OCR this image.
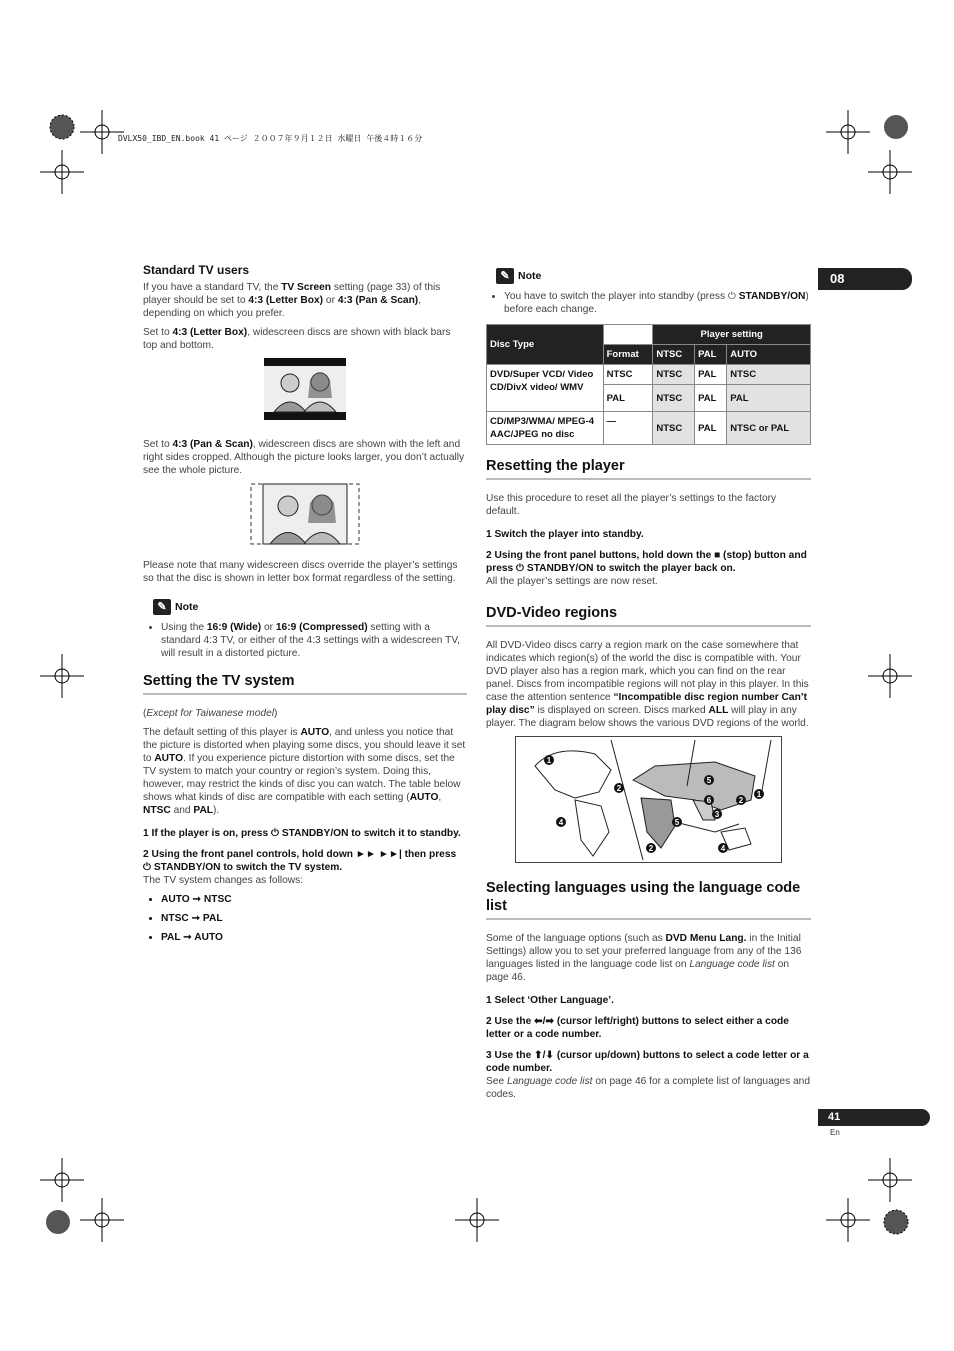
DVLX50_IBD_EN.book 41 ページ ２００７年９月１２日 水曜日 午後４時１６分
08
41
En
Standard TV users

If you have a standard TV, the TV Screen setting (page 33) of this player should be set to 4:3 (Letter Box) or 4:3 (Pan & Scan), depending on which you prefer.

Set to 4:3 (Letter Box), widescreen discs are shown with black bars top and bottom.

Set to 4:3 (Pan & Scan), widescreen discs are shown with the left and right sides cropped. Although the picture looks larger, you don’t actually see the whole picture.

Please note that many widescreen discs override the player’s settings so that the disc is shown in letter box format regardless of the setting.

✎ Note
• Using the 16:9 (Wide) or 16:9 (Compressed) setting with a standard 4:3 TV, or either of the 4:3 settings with a widescreen TV, will result in a distorted picture.
Setting the TV system

(Except for Taiwanese model)

The default setting of this player is AUTO, and unless you notice that the picture is distorted when playing some discs, you should leave it set to AUTO. If you experience picture distortion with some discs, set the TV system to match your country or region’s system. Doing this, however, may restrict the kinds of disc you can watch. The table below shows what kinds of disc are compatible with each setting (AUTO, NTSC and PAL).

1 If the player is on, press ⏻ STANDBY/ON to switch it to standby.

2 Using the front panel controls, hold down ►► ►►| then press ⏻ STANDBY/ON to switch the TV system.

The TV system changes as follows:

• AUTO ➞ NTSC
• NTSC ➞ PAL
• PAL ➞ AUTO
✎ Note
• You have to switch the player into standby (press ⏻ STANDBY/ON) before each change.
Disc Type		Player setting		
	Format	NTSC	PAL	AUTO
DVD/Super VCD/ Video CD/DivX video/ WMV	NTSC	NTSC	PAL	NTSC
	PAL	NTSC	PAL	PAL
CD/MP3/WMA/ MPEG-4 AAC/JPEG no disc	—	NTSC	PAL	NTSC or PAL
Resetting the player

Use this procedure to reset all the player’s settings to the factory default.

1 Switch the player into standby.

2 Using the front panel buttons, hold down the ■ (stop) button and press ⏻ STANDBY/ON to switch the player back on.

All the player’s settings are now reset.

DVD-Video regions

All DVD-Video discs carry a region mark on the case somewhere that indicates which region(s) of the world the disc is compatible with. Your DVD player also has a region mark, which you can find on the rear panel. Discs from incompatible regions will not play in this player. In this case the attention sentence “Incompatible disc region number Can’t play disc” is displayed on screen. Discs marked ALL will play in any player. The diagram below shows the various DVD regions of the world.

1
2
4	5
2
1
5
6
3
4
2
Selecting languages using the language code list

Some of the language options (such as DVD Menu Lang. in the Initial Settings) allow you to set your preferred language from any of the 136 languages listed in the language code list on Language code list on page 46.

1 Select ‘Other Language’.

2 Use the ⬅/➡ (cursor left/right) buttons to select either a code letter or a code number.

3 Use the ⬆/⬇ (cursor up/down) buttons to select a code letter or a code number.

See Language code list on page 46 for a complete list of languages and codes.
